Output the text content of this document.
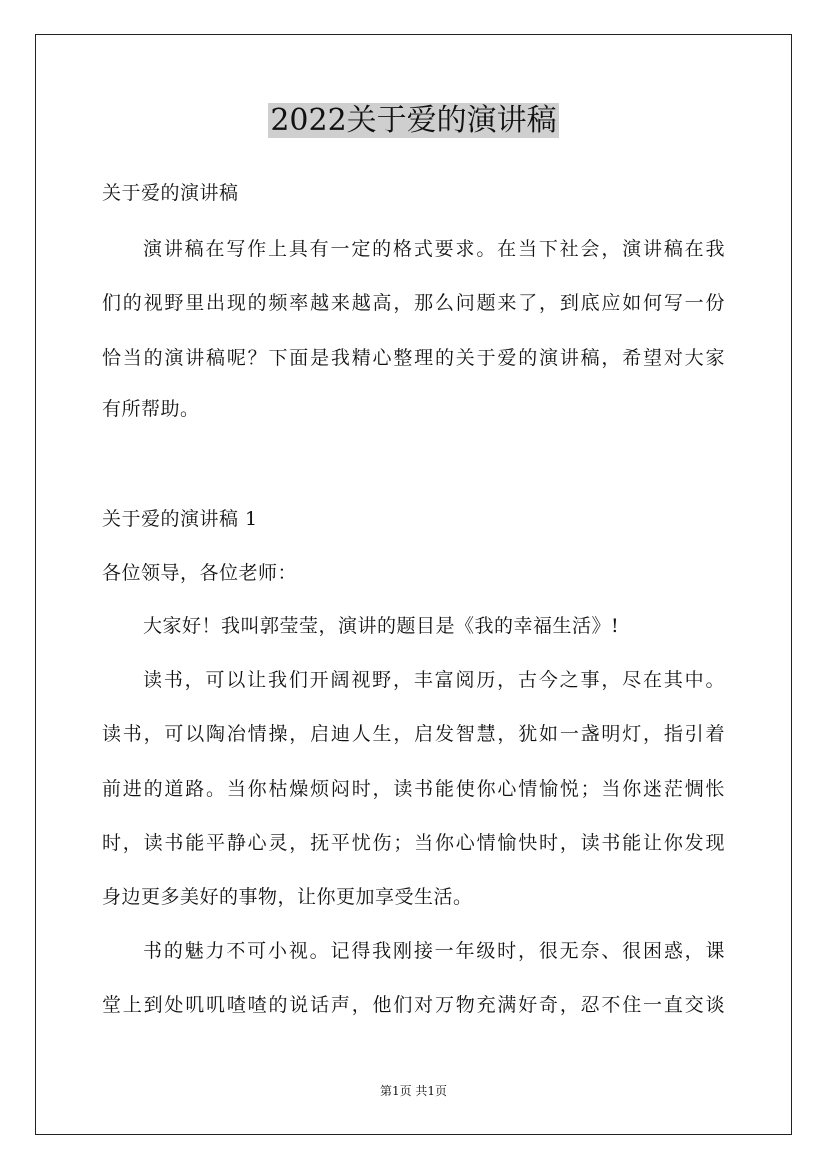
2022关于爱的演讲稿
关于爱的演讲稿
演讲稿在写作上具有一定的格式要求。在当下社会，演讲稿在我
们的视野里出现的频率越来越高，那么问题来了，到底应如何写一份
恰当的演讲稿呢？下面是我精心整理的关于爱的演讲稿，希望对大家
有所帮助。
关于爱的演讲稿 1
各位领导，各位老师：
大家好！我叫郭莹莹，演讲的题目是《我的幸福生活》!
读书，可以让我们开阔视野，丰富阅历，古今之事，尽在其中。
读书，可以陶冶情操，启迪人生，启发智慧，犹如一盏明灯，指引着
前进的道路。当你枯燥烦闷时，读书能使你心情愉悦；当你迷茫惆怅
时，读书能平静心灵，抚平忧伤；当你心情愉快时，读书能让你发现
身边更多美好的事物，让你更加享受生活。
书的魅力不可小视。记得我刚接一年级时，很无奈、很困惑，课
堂上到处叽叽喳喳的说话声，他们对万物充满好奇，忍不住一直交谈
第1页 共1页
